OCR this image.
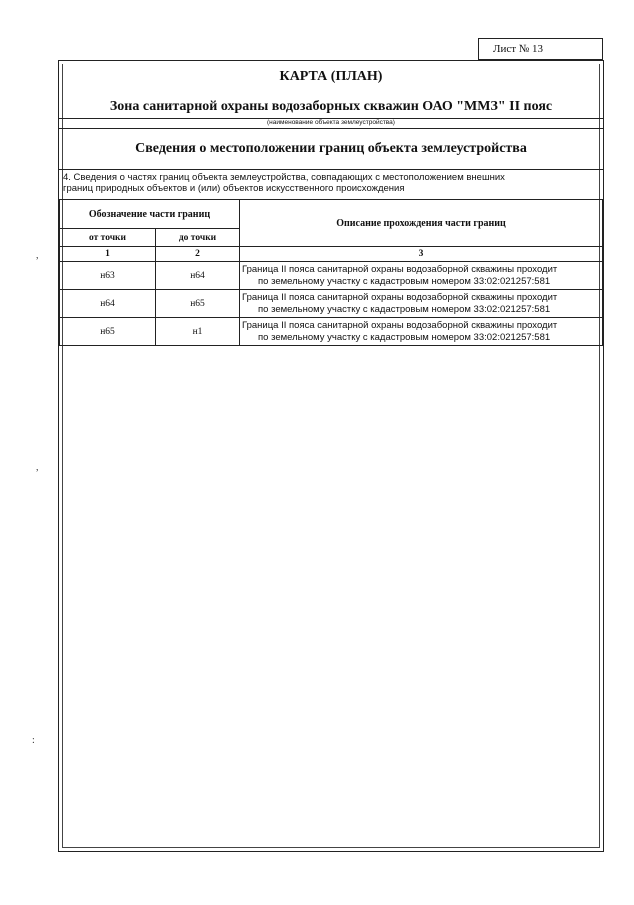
Лист № 13
,
,
:
КАРТА (ПЛАН)
Зона санитарной охраны водозаборных скважин ОАО "ММЗ" II пояс
(наименование объекта землеустройства)
Сведения о местоположении границ объекта землеустройства
4. Сведения о частях границ объекта землеустройства, совпадающих с местоположением внешних
границ природных объектов и (или) объектов искусственного происхождения
Обозначение части границ		Описание прохождения части границ
от точки	до точки	
1	2	3
н63	н64	Граница II пояса санитарной охраны водозаборной скважины проходит
по земельному участку с кадастровым номером 33:02:021257:581

н64	н65	Граница II пояса санитарной охраны водозаборной скважины проходит
по земельному участку с кадастровым номером 33:02:021257:581

н65	н1	Граница II пояса санитарной охраны водозаборной скважины проходит
по земельному участку с кадастровым номером 33:02:021257:581
